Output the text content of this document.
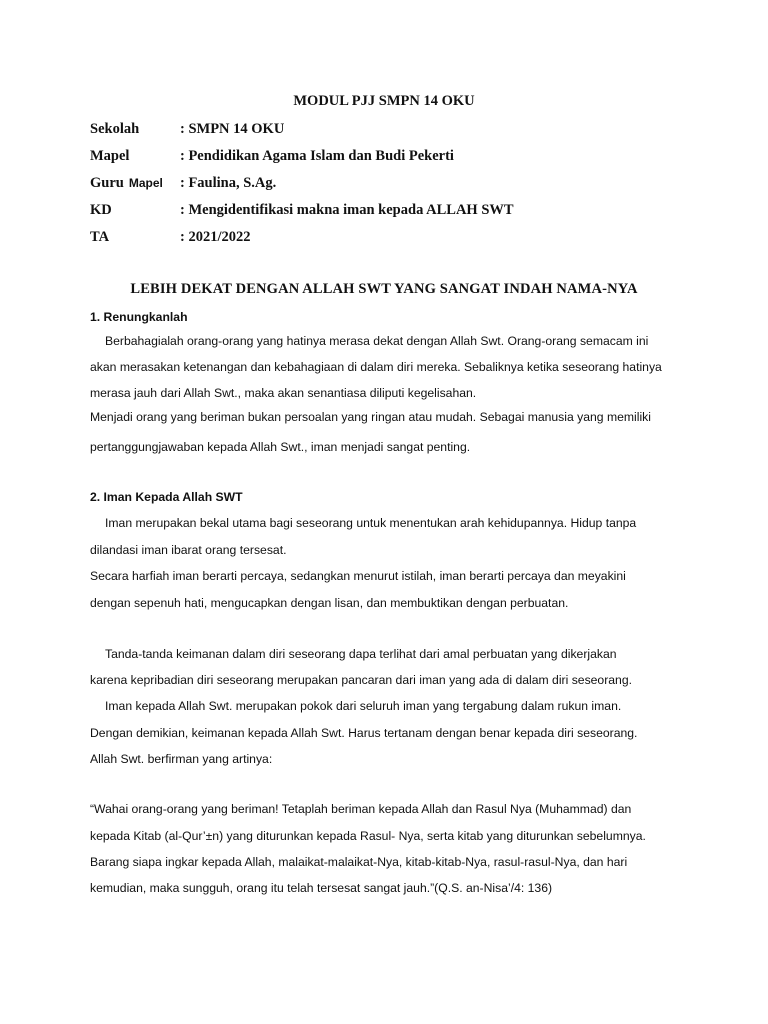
MODUL PJJ SMPN 14 OKU
Sekolah	: SMPN 14 OKU
Mapel	: Pendidikan Agama Islam dan Budi Pekerti
Guru Mapel : Faulina, S.Ag.
KD	: Mengidentifikasi makna iman kepada ALLAH SWT
TA	: 2021/2022
LEBIH DEKAT DENGAN ALLAH SWT YANG SANGAT INDAH NAMA-NYA
1. Renungkanlah
Berbahagialah orang-orang yang hatinya merasa dekat dengan Allah Swt. Orang-orang semacam ini
akan merasakan ketenangan dan kebahagiaan di dalam diri mereka. Sebaliknya ketika seseorang hatinya
merasa jauh dari Allah Swt., maka akan senantiasa diliputi kegelisahan.
Menjadi orang yang beriman bukan persoalan yang ringan atau mudah. Sebagai manusia yang memiliki
pertanggungjawaban kepada Allah Swt., iman menjadi sangat penting.
2. Iman Kepada Allah SWT
Iman merupakan bekal utama bagi seseorang untuk menentukan arah kehidupannya. Hidup tanpa
dilandasi iman ibarat orang tersesat.
Secara harfiah iman berarti percaya, sedangkan menurut istilah, iman berarti percaya dan meyakini
dengan sepenuh hati, mengucapkan dengan lisan, dan membuktikan dengan perbuatan.
Tanda-tanda keimanan dalam diri seseorang dapa terlihat dari amal perbuatan yang dikerjakan
karena kepribadian diri seseorang merupakan pancaran dari iman yang ada di dalam diri seseorang.
Iman kepada Allah Swt. merupakan pokok dari seluruh iman yang tergabung dalam rukun iman.
Dengan demikian, keimanan kepada Allah Swt. Harus tertanam dengan benar kepada diri seseorang.
Allah Swt. berfirman yang artinya:
“Wahai orang-orang yang beriman! Tetaplah beriman kepada Allah dan Rasul Nya (Muhammad) dan
kepada Kitab (al-Qur’±n) yang diturunkan kepada Rasul- Nya, serta kitab yang diturunkan sebelumnya.
Barang siapa ingkar kepada Allah, malaikat-malaikat-Nya, kitab-kitab-Nya, rasul-rasul-Nya, dan hari
kemudian, maka sungguh, orang itu telah tersesat sangat jauh.”(Q.S. an-Nisa’/4: 136)
